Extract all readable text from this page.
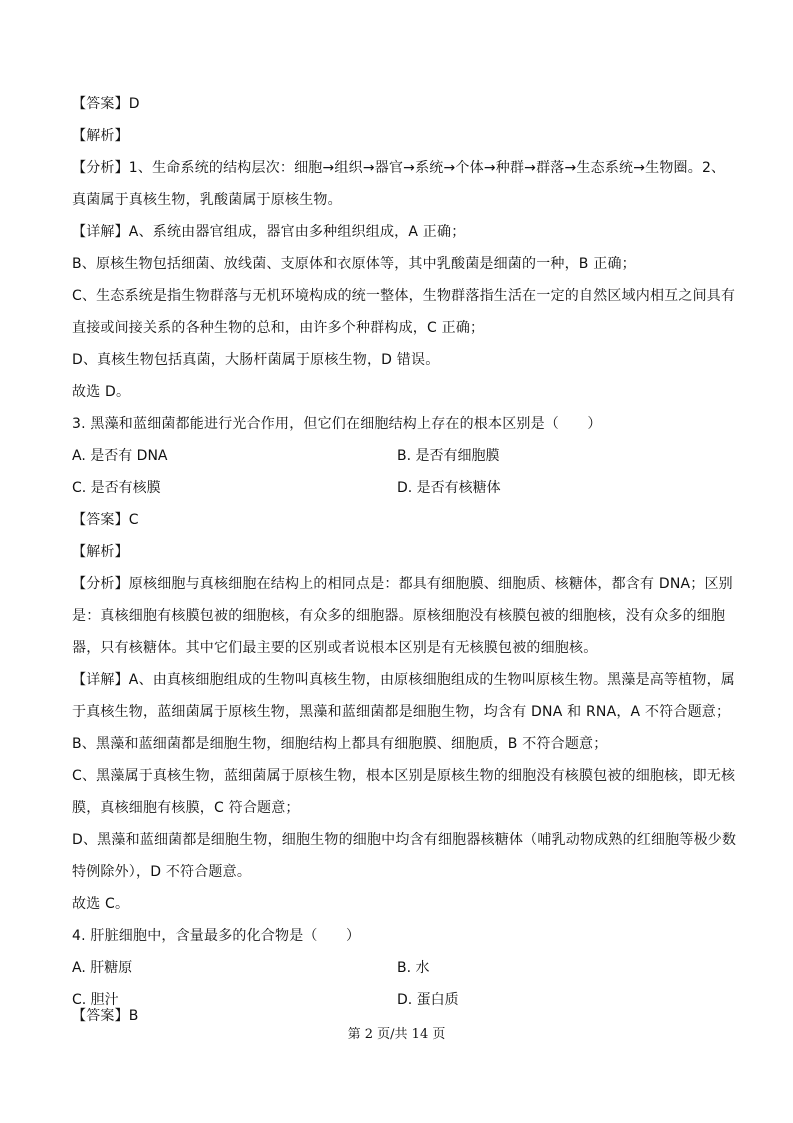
【答案】D
【解析】
【分析】1、生命系统的结构层次：细胞→组织→器官→系统→个体→种群→群落→生态系统→生物圈。2、
真菌属于真核生物，乳酸菌属于原核生物。
【详解】A、系统由器官组成，器官由多种组织组成，A 正确；
B、原核生物包括细菌、放线菌、支原体和衣原体等，其中乳酸菌是细菌的一种，B 正确；
C、生态系统是指生物群落与无机环境构成的统一整体，生物群落指生活在一定的自然区域内相互之间具有
直接或间接关系的各种生物的总和，由许多个种群构成，C 正确；
D、真核生物包括真菌，大肠杆菌属于原核生物，D 错误。
故选 D。
3. 黑藻和蓝细菌都能进行光合作用，但它们在细胞结构上存在的根本区别是（　　）
A. 是否有 DNA	B. 是否有细胞膜
C. 是否有核膜	D. 是否有核糖体
【答案】C
【解析】
【分析】原核细胞与真核细胞在结构上的相同点是：都具有细胞膜、细胞质、核糖体，都含有 DNA；区别
是：真核细胞有核膜包被的细胞核，有众多的细胞器。原核细胞没有核膜包被的细胞核，没有众多的细胞
器，只有核糖体。其中它们最主要的区别或者说根本区别是有无核膜包被的细胞核。
【详解】A、由真核细胞组成的生物叫真核生物，由原核细胞组成的生物叫原核生物。黑藻是高等植物，属
于真核生物，蓝细菌属于原核生物，黑藻和蓝细菌都是细胞生物，均含有 DNA 和 RNA，A 不符合题意；
B、黑藻和蓝细菌都是细胞生物，细胞结构上都具有细胞膜、细胞质，B 不符合题意；
C、黑藻属于真核生物，蓝细菌属于原核生物，根本区别是原核生物的细胞没有核膜包被的细胞核，即无核
膜，真核细胞有核膜，C 符合题意；
D、黑藻和蓝细菌都是细胞生物，细胞生物的细胞中均含有细胞器核糖体（哺乳动物成熟的红细胞等极少数
特例除外），D 不符合题意。
故选 C。
4. 肝脏细胞中，含量最多的化合物是（　　）
A. 肝糖原	B. 水
C. 胆汁	D. 蛋白质
【答案】B
第 2 页/共 14 页
